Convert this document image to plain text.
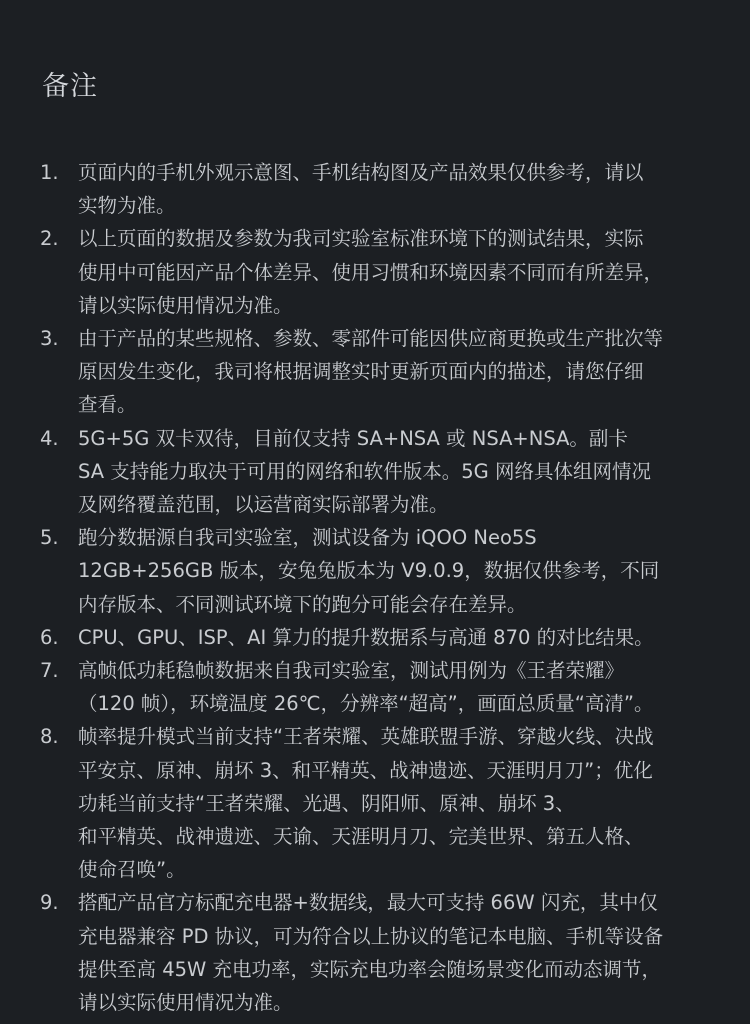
备注
1. 页面内的手机外观示意图、手机结构图及产品效果仅供参考，请以
实物为准。

2. 以上页面的数据及参数为我司实验室标准环境下的测试结果，实际
使用中可能因产品个体差异、使用习惯和环境因素不同而有所差异，
请以实际使用情况为准。

3. 由于产品的某些规格、参数、零部件可能因供应商更换或生产批次等
原因发生变化，我司将根据调整实时更新页面内的描述，请您仔细
查看。

4. 5G+5G 双卡双待，目前仅支持 SA+NSA 或 NSA+NSA。副卡
SA 支持能力取决于可用的网络和软件版本。5G 网络具体组网情况
及网络覆盖范围，以运营商实际部署为准。

5. 跑分数据源自我司实验室，测试设备为 iQOO Neo5S
12GB+256GB 版本，安兔兔版本为 V9.0.9，数据仅供参考，不同
内存版本、不同测试环境下的跑分可能会存在差异。

6. CPU、GPU、ISP、AI 算力的提升数据系与高通 870 的对比结果。

7. 高帧低功耗稳帧数据来自我司实验室，测试用例为《王者荣耀》
（120 帧），环境温度 26℃，分辨率“超高”，画面总质量“高清”。

8. 帧率提升模式当前支持“王者荣耀、英雄联盟手游、穿越火线、决战
平安京、原神、崩坏 3、和平精英、战神遗迹、天涯明月刀”；优化
功耗当前支持“王者荣耀、光遇、阴阳师、原神、崩坏 3、
和平精英、战神遗迹、天谕、天涯明月刀、完美世界、第五人格、
使命召唤”。

9. 搭配产品官方标配充电器+数据线，最大可支持 66W 闪充，其中仅
充电器兼容 PD 协议，可为符合以上协议的笔记本电脑、手机等设备
提供至高 45W 充电功率，实际充电功率会随场景变化而动态调节，
请以实际使用情况为准。
